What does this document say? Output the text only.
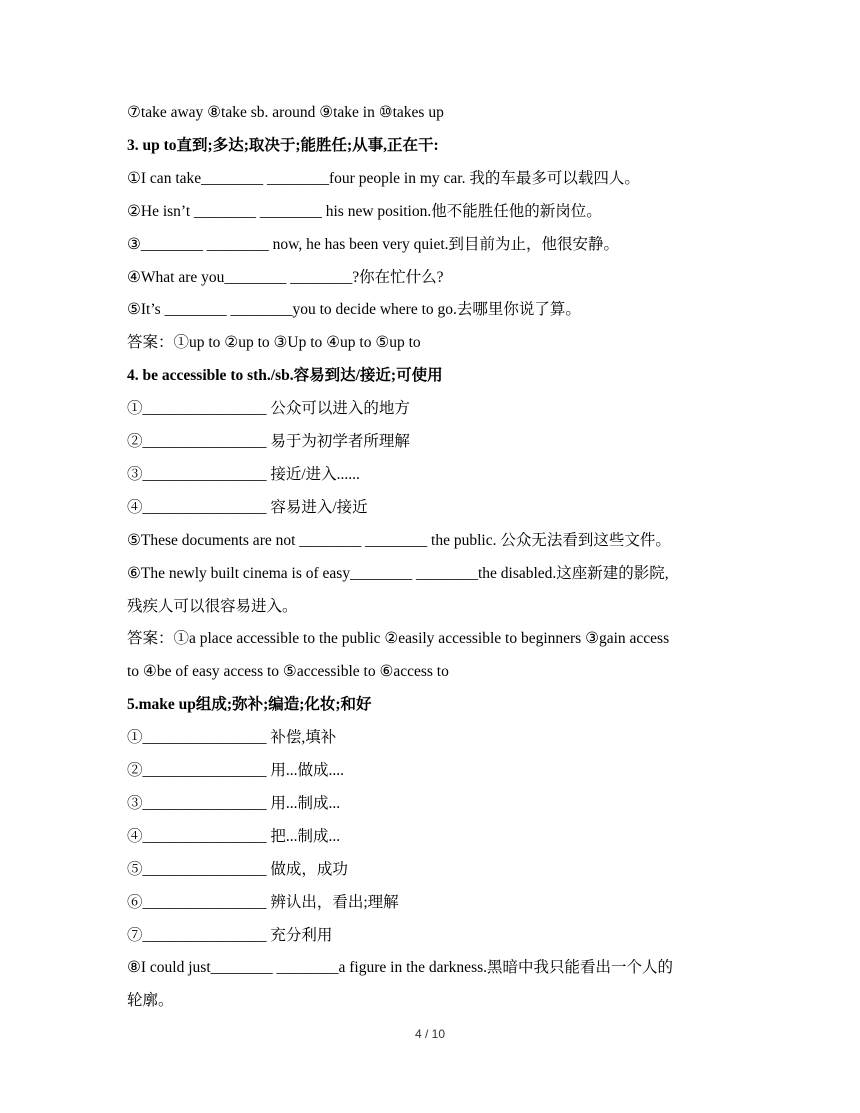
⑦take away ⑧take sb. around ⑨take in ⑩takes up
3. up to直到;多达;取决于;能胜任;从事,正在干:
①I can take________ ________four people in my car. 我的车最多可以载四人。
②He isn’t ________ ________ his new position.他不能胜任他的新岗位。
③________ ________ now, he has been very quiet.到目前为止，他很安静。
④What are you________ ________?你在忙什么?
⑤It’s ________ ________you to decide where to go.去哪里你说了算。
答案：①up to ②up to ③Up to ④up to ⑤up to
4. be accessible to sth./sb.容易到达/接近;可使用
①________________ 公众可以进入的地方
②________________ 易于为初学者所理解
③________________ 接近/进入......
④________________ 容易进入/接近
⑤These documents are not ________ ________ the public. 公众无法看到这些文件。
⑥The newly built cinema is of easy________ ________the disabled.这座新建的影院,
残疾人可以很容易进入。
答案：①a place accessible to the public ②easily accessible to beginners ③gain access
to ④be of easy access to ⑤accessible to ⑥access to
5.make up组成;弥补;编造;化妆;和好
①________________ 补偿,填补
②________________ 用...做成....
③________________ 用...制成...
④________________ 把...制成...
⑤________________ 做成，成功
⑥________________ 辨认出，看出;理解
⑦________________ 充分利用
⑧I could just________ ________a figure in the darkness.黑暗中我只能看出一个人的
轮廓。
4 / 10
